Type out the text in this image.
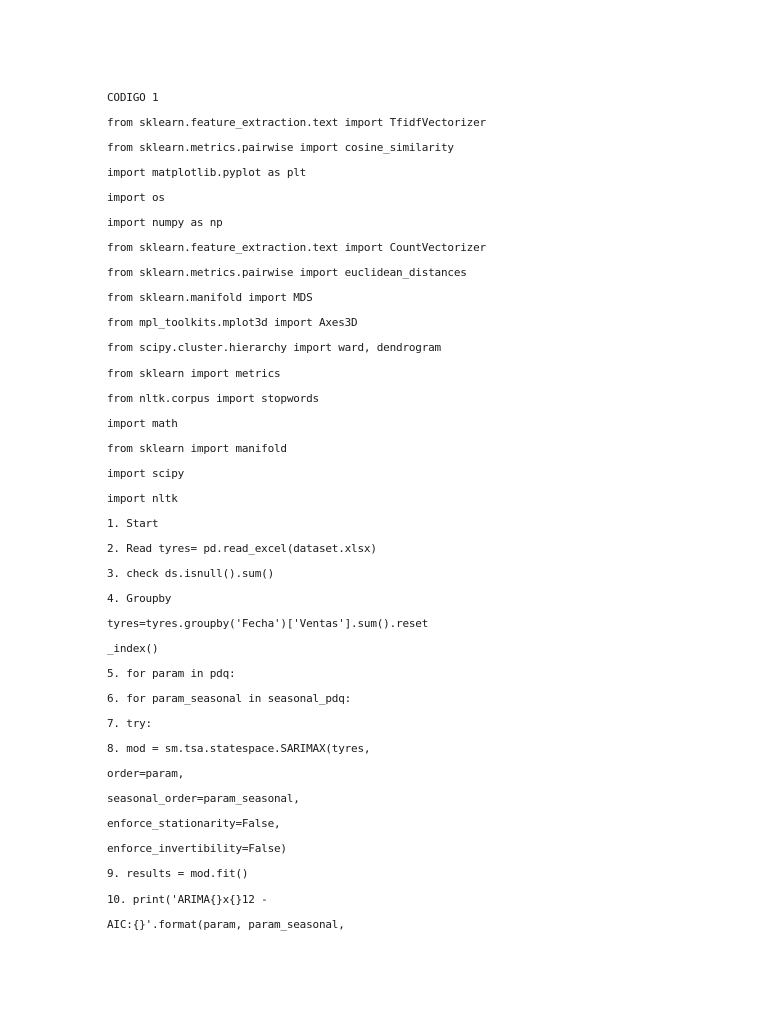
CODIGO 1
from sklearn.feature_extraction.text import TfidfVectorizer
from sklearn.metrics.pairwise import cosine_similarity
import matplotlib.pyplot as plt
import os
import numpy as np
from sklearn.feature_extraction.text import CountVectorizer
from sklearn.metrics.pairwise import euclidean_distances
from sklearn.manifold import MDS
from mpl_toolkits.mplot3d import Axes3D
from scipy.cluster.hierarchy import ward, dendrogram
from sklearn import metrics
from nltk.corpus import stopwords
import math
from sklearn import manifold
import scipy
import nltk
1. Start
2. Read tyres= pd.read_excel(dataset.xlsx)
3. check ds.isnull().sum()
4. Groupby
tyres=tyres.groupby('Fecha')['Ventas'].sum().reset
_index()
5. for param in pdq:
6. for param_seasonal in seasonal_pdq:
7. try:
8. mod = sm.tsa.statespace.SARIMAX(tyres,
order=param,
seasonal_order=param_seasonal,
enforce_stationarity=False,
enforce_invertibility=False)
9. results = mod.fit()
10. print('ARIMA{}x{}12 -
AIC:{}'.format(param, param_seasonal,
